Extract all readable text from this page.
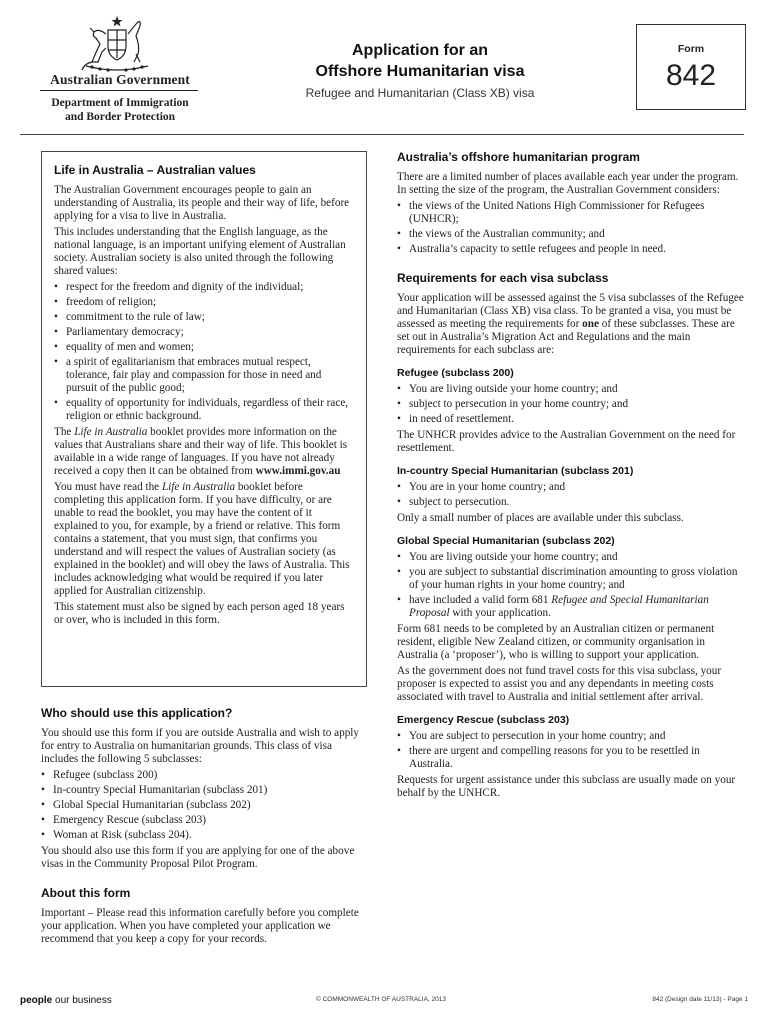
Australian Government
Department of Immigration
and Border Protection
Application for an
Offshore Humanitarian visa
Refugee and Humanitarian (Class XB) visa
Form
842
Life in Australia – Australian values

The Australian Government encourages people to gain an understanding of Australia, its people and their way of life, before applying for a visa to live in Australia.

This includes understanding that the English language, as the national language, is an important unifying element of Australian society. Australian society is also united through the following shared values:

• respect for the freedom and dignity of the individual;
• freedom of religion;
• commitment to the rule of law;
• Parliamentary democracy;
• equality of men and women;
• a spirit of egalitarianism that embraces mutual respect, tolerance, fair play and compassion for those in need and pursuit of the public good;
• equality of opportunity for individuals, regardless of their race, religion or ethnic background.

The Life in Australia booklet provides more information on the values that Australians share and their way of life. This booklet is available in a wide range of languages. If you have not already received a copy then it can be obtained from www.immi.gov.au

You must have read the Life in Australia booklet before completing this application form. If you have difficulty, or are unable to read the booklet, you may have the content of it explained to you, for example, by a friend or relative. This form contains a statement, that you must sign, that confirms you understand and will respect the values of Australian society (as explained in the booklet) and will obey the laws of Australia. This includes acknowledging what would be required if you later applied for Australian citizenship.

This statement must also be signed by each person aged 18 years or over, who is included in this form.

Who should use this application?

You should use this form if you are outside Australia and wish to apply for entry to Australia on humanitarian grounds. This class of visa includes the following 5 subclasses:

• Refugee (subclass 200)
• In-country Special Humanitarian (subclass 201)
• Global Special Humanitarian (subclass 202)
• Emergency Rescue (subclass 203)
• Woman at Risk (subclass 204).

You should also use this form if you are applying for one of the above visas in the Community Proposal Pilot Program.

About this form

Important – Please read this information carefully before you complete your application. When you have completed your application we recommend that you keep a copy for your records.

Australia’s offshore humanitarian program

There are a limited number of places available each year under the program. In setting the size of the program, the Australian Government considers:

• the views of the United Nations High Commissioner for Refugees (UNHCR);
• the views of the Australian community; and
• Australia’s capacity to settle refugees and people in need.
Requirements for each visa subclass

Your application will be assessed against the 5 visa subclasses of the Refugee and Humanitarian (Class XB) visa class. To be granted a visa, you must be assessed as meeting the requirements for one of these subclasses. These are set out in Australia’s Migration Act and Regulations and the main requirements for each subclass are:

Refugee (subclass 200)
• You are living outside your home country; and
• subject to persecution in your home country; and
• in need of resettlement.

The UNHCR provides advice to the Australian Government on the need for resettlement.

In-country Special Humanitarian (subclass 201)
• You are in your home country; and
• subject to persecution.

Only a small number of places are available under this subclass.

Global Special Humanitarian (subclass 202)
• You are living outside your home country; and
• you are subject to substantial discrimination amounting to gross violation of your human rights in your home country; and
• have included a valid form 681 Refugee and Special Humanitarian Proposal with your application.

Form 681 needs to be completed by an Australian citizen or permanent resident, eligible New Zealand citizen, or community organisation in Australia (a ‘proposer’), who is willing to support your application.

As the government does not fund travel costs for this visa subclass, your proposer is expected to assist you and any dependants in meeting costs associated with travel to Australia and initial settlement after arrival.

Emergency Rescue (subclass 203)
• You are subject to persecution in your home country; and
• there are urgent and compelling reasons for you to be resettled in Australia.

Requests for urgent assistance under this subclass are usually made on your behalf by the UNHCR.

people our business	© COMMONWEALTH OF AUSTRALIA, 2013	842 (Design date 11/13) - Page 1
